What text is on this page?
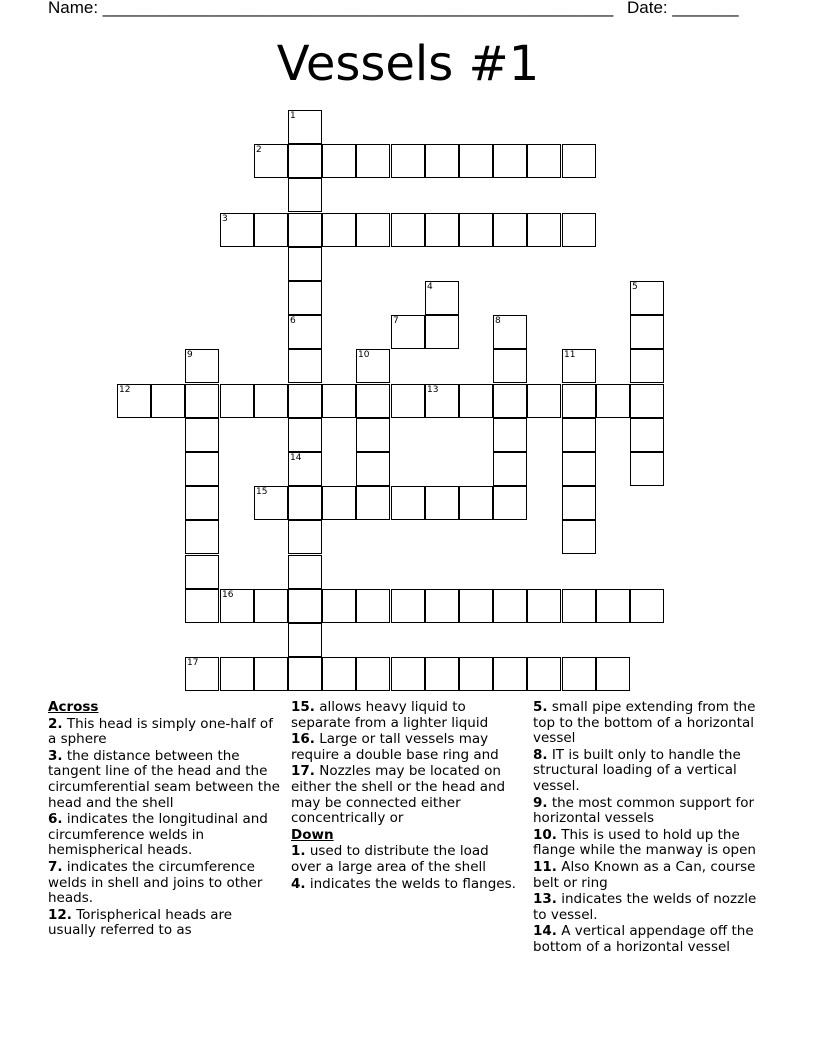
Name: ______________________________________________________ Date: _______
Vessels #1
2
3
12	13
15
16
17
6	7
1
14
4	5
8
9	10	11
Across
2. This head is simply one-half of a sphere
3. the distance between the tangent line of the head and the circumferential seam between the head and the shell
6. indicates the longitudinal and circumference welds in hemispherical heads.
7. indicates the circumference welds in shell and joins to other heads.
12. Torispherical heads are usually referred to as
15. allows heavy liquid to separate from a lighter liquid
16. Large or tall vessels may require a double base ring and
17. Nozzles may be located on either the shell or the head and may be connected either concentrically or
Down
1. used to distribute the load over a large area of the shell
4. indicates the welds to flanges.
5. small pipe extending from the top to the bottom of a horizontal vessel
8. IT is built only to handle the structural loading of a vertical vessel.
9. the most common support for horizontal vessels
10. This is used to hold up the flange while the manway is open
11. Also Known as a Can, course belt or ring
13. indicates the welds of nozzle to vessel.
14. A vertical appendage off the bottom of a horizontal vessel
